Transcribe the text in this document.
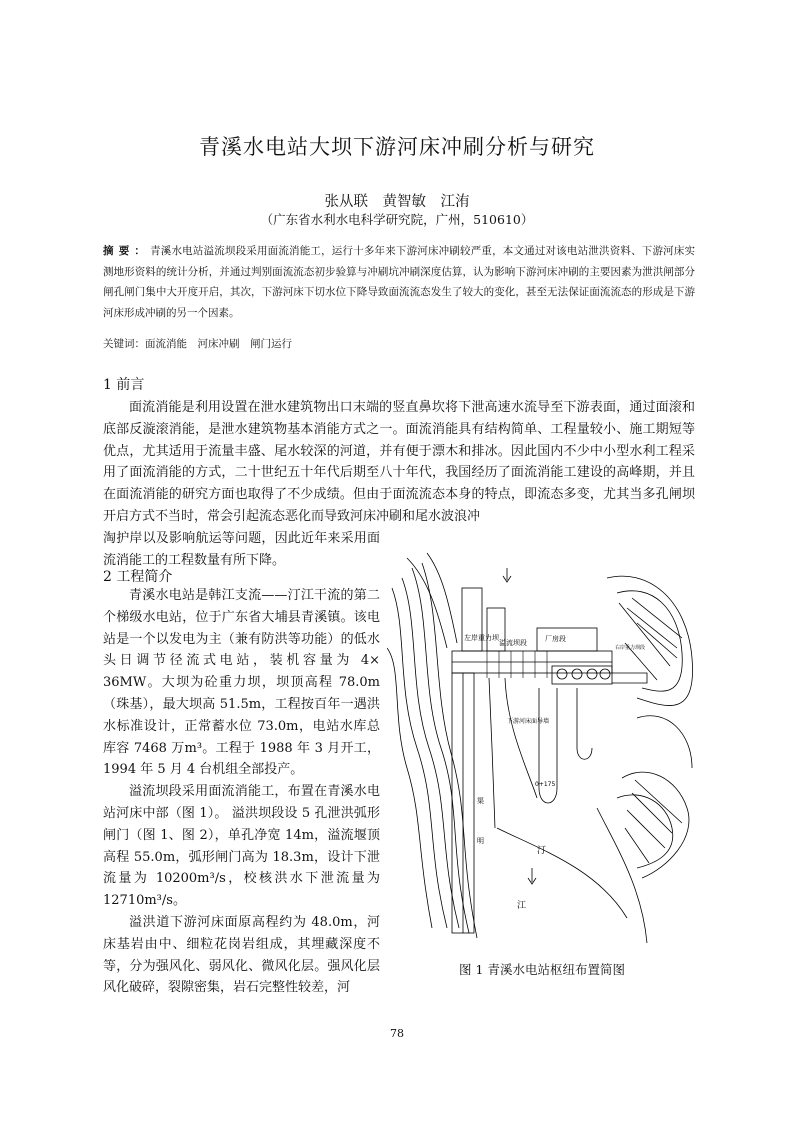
青溪水电站大坝下游河床冲刷分析与研究
张从联　黄智敏　江洧
（广东省水利水电科学研究院，广州，510610）
摘要：青溪水电站溢流坝段采用面流消能工，运行十多年来下游河床冲刷较严重，本文通过对该电站泄洪资料、下游河床实测地形资料的统计分析，并通过判别面流流态初步验算与冲刷坑冲刷深度估算，认为影响下游河床冲刷的主要因素为泄洪闸部分闸孔闸门集中大开度开启，其次，下游河床下切水位下降导致面流流态发生了较大的变化，甚至无法保证面流流态的形成是下游河床形成冲刷的另一个因素。
关键词：面流消能　河床冲刷　闸门运行
1 前言

面流消能是利用设置在泄水建筑物出口末端的竖直鼻坎将下泄高速水流导至下游表面，通过面滚和底部反漩滚消能，是泄水建筑物基本消能方式之一。面流消能具有结构简单、工程量较小、施工期短等优点，尤其适用于流量丰盛、尾水较深的河道，并有便于漂木和排冰。因此国内不少中小型水利工程采用了面流消能的方式，二十世纪五十年代后期至八十年代，我国经历了面流消能工建设的高峰期，并且在面流消能的研究方面也取得了不少成绩。但由于面流流态本身的特点，即流态多变，尤其当多孔闸坝开启方式不当时，常会引起流态恶化而导致河床冲刷和尾水波浪冲

淘护岸以及影响航运等问题，因此近年来采用面流消能工的工程数量有所下降。

2 工程简介

青溪水电站是韩江支流——汀江干流的第二个梯级水电站，位于广东省大埔县青溪镇。该电站是一个以发电为主（兼有防洪等功能）的低水头日调节径流式电站，装机容量为 4× 36MW。大坝为砼重力坝，坝顶高程 78.0m（珠基），最大坝高 51.5m，工程按百年一遇洪水标准设计，正常蓄水位 73.0m，电站水库总库容 7468 万m³。工程于 1988 年 3 月开工，1994 年 5 月 4 台机组全部投产。

溢流坝段采用面流消能工，布置在青溪水电站河床中部（图 1）。 溢洪坝段设 5 孔泄洪弧形闸门（图 1、图 2），单孔净宽 14m，溢流堰顶高程 55.0m，弧形闸门高为 18.3m，设计下泄流量为 10200m³/s，校核洪水下泄流量为 12710m³/s。

溢洪道下游河床面原高程约为 48.0m，河床基岩由中、细粒花岗岩组成，其埋藏深度不等，分为强风化、弱风化、微风化层。强风化层风化破碎，裂隙密集，岩石完整性较差，河

左岸重力坝
溢流坝段	厂房段
右岸重力坝段
下游河床面导墙
0+175
明
渠
汀
江
图 1 青溪水电站枢纽布置简图
78
